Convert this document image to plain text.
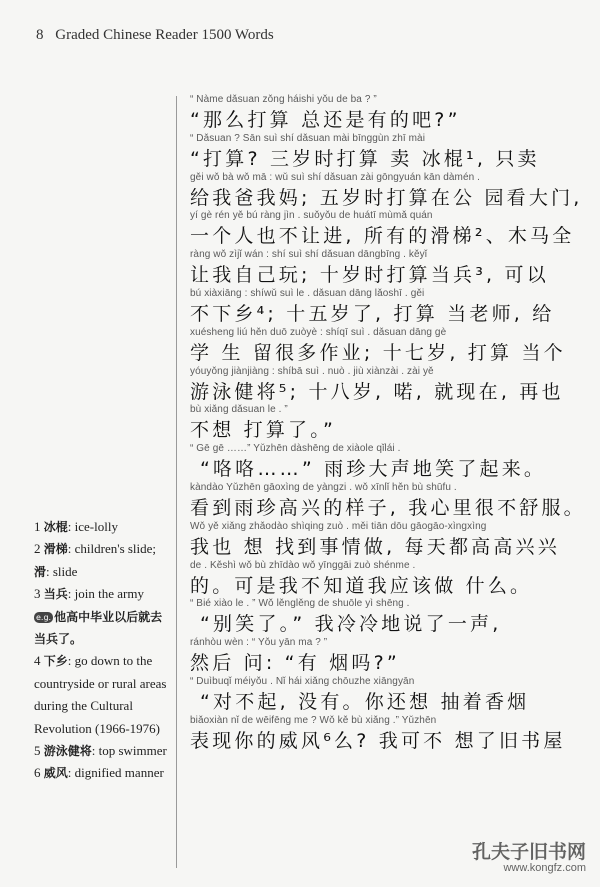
8 Graded Chinese Reader 1500 Words
“ Nàme dǎsuan zǒng háishi yǒu de ba ? ”
“那么打算 总还是有的吧?”
“ Dǎsuan ? Sān suì shí dǎsuan mài bīnggùn zhī mài
“打算? 三岁时打算 卖 冰棍¹, 只卖
gěi wǒ bà wǒ mā : wǔ suì shí dǎsuan zài gōngyuán kān dàmén .
给我爸我妈; 五岁时打算在公 园看大门,
yí gè rén yě bú ràng jìn . suǒyǒu de huátī mùmǎ quán
一个人也不让进, 所有的滑梯²、木马全
ràng wǒ zìjǐ wán : shí suì shí dǎsuan dāngbīng . kěyǐ
让我自己玩; 十岁时打算当兵³, 可以
bú xiàxiāng : shíwǔ suì le . dǎsuan dāng lǎoshī . gěi
不下乡⁴; 十五岁了, 打算 当老师, 给
xuésheng liú hěn duō zuòyè : shíqī suì . dǎsuan dāng gè
学 生 留很多作业; 十七岁, 打算 当个
yóuyǒng jiànjiàng : shíbā suì . nuò . jiù xiànzài . zài yě
游泳健将⁵; 十八岁, 喏, 就现在, 再也
bù xiǎng dǎsuan le . ”
不想 打算了。”
“ Gē gē ……” Yǔzhēn dàshēng de xiàole qǐlái .
“咯咯……” 雨珍大声地笑了起来。
kàndào Yǔzhēn gāoxìng de yàngzi . wǒ xīnlǐ hěn bù shūfu .
看到雨珍高兴的样子, 我心里很不舒服。
Wǒ yě xiǎng zhǎodào shìqing zuò . měi tiān dōu gāogāo-xìngxìng
我也 想 找到事情做, 每天都高高兴兴
de . Kěshì wǒ bù zhīdào wǒ yīnggāi zuò shénme .
的。可是我不知道我应该做 什么。
“ Bié xiào le . ” Wǒ lěnglěng de shuōle yì shēng .
“别笑了。” 我冷冷地说了一声,
ránhòu wèn : “ Yǒu yān ma ? ”
然后 问: “有 烟吗?”
“ Duìbuqǐ méiyǒu . Nǐ hái xiǎng chōuzhe xiāngyān
“对不起, 没有。你还想 抽着香烟
biǎoxiàn nǐ de wēifēng me ? Wǒ kě bù xiǎng .” Yǔzhēn
表现你的威风⁶么? 我可不 想了旧书屋

1 冰棍: ice-lolly

2 滑梯: children's slide;

滑: slide

3 当兵: join the army

e.g. 他高中毕业以后就去当兵了。

4 下乡: go down to the countryside or rural areas during the Cultural Revolution (1966-1976)

5 游泳健将: top swimmer

6 威风: dignified manner

孔夫子旧书网
www.kongfz.com
